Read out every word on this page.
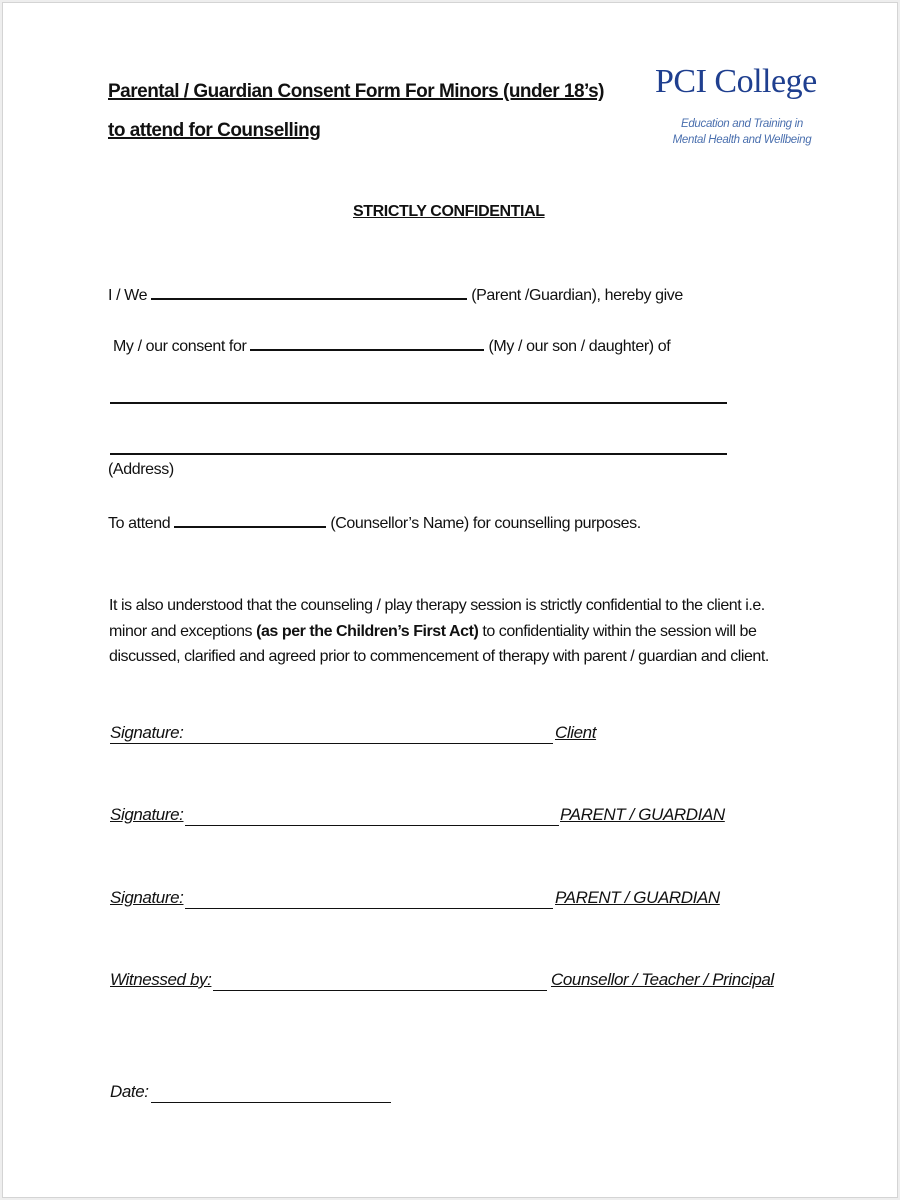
Parental / Guardian Consent Form For Minors (under 18’s)
to attend for Counselling
PCI College
Education and Training in
Mental Health and Wellbeing
STRICTLY CONFIDENTIAL
I / We	(Parent /Guardian), hereby give
My / our consent for	(My / our son / daughter) of
(Address)
To attend	(Counsellor’s Name) for counselling purposes.
It is also understood that the counseling / play therapy session is strictly confidential to the client i.e. minor and exceptions (as per the Children’s First Act) to confidentiality within the session will be discussed, clarified and agreed prior to commencement of therapy with parent / guardian and client.
Signature:	Client
Signature:	PARENT / GUARDIAN
Signature:	PARENT / GUARDIAN
Witnessed by:	Counsellor / Teacher / Principal
Date:
